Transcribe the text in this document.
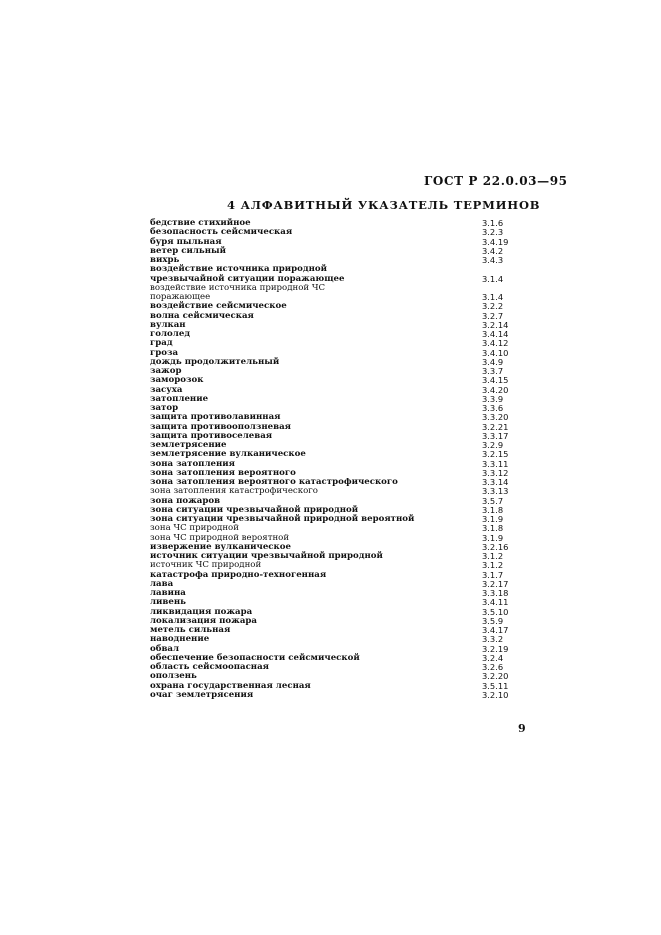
ГОСТ Р 22.0.03—95
4 АЛФАВИТНЫЙ УКАЗАТЕЛЬ ТЕРМИНОВ
бедствие стихийное	3.1.6
безопасность сейсмическая	3.2.3
буря пыльная	3.4.19
ветер сильный	3.4.2
вихрь	3.4.3
воздействие источника природной
чрезвычайной ситуации поражающее	3.1.4
воздействие источника природной ЧС
поражающее	3.1.4
воздействие сейсмическое	3.2.2
волна сейсмическая	3.2.7
вулкан	3.2.14
гололед	3.4.14
град	3.4.12
гроза	3.4.10
дождь продолжительный	3.4.9
зажор	3.3.7
заморозок	3.4.15
засуха	3.4.20
затопление	3.3.9
затор	3.3.6
защита противолавинная	3.3.20
защита противооползневая	3.2.21
защита противоселевая	3.3.17
землетрясение	3.2.9
землетрясение вулканическое	3.2.15
зона затопления	3.3.11
зона затопления вероятного	3.3.12
зона затопления вероятного катастрофического	3.3.14
зона затопления катастрофического	3.3.13
зона пожаров	3.5.7
зона ситуации чрезвычайной природной	3.1.8
зона ситуации чрезвычайной природной вероятной	3.1.9
зона ЧС природной	3.1.8
зона ЧС природной вероятной	3.1.9
извержение вулканическое	3.2.16
источник ситуации чрезвычайной природной	3.1.2
источник ЧС природной	3.1.2
катастрофа природно-техногенная	3.1.7
лава	3.2.17
лавина	3.3.18
ливень	3.4.11
ликвидация пожара	3.5.10
локализация пожара	3.5.9
метель сильная	3.4.17
наводнение	3.3.2
обвал	3.2.19
обеспечение безопасности сейсмической	3.2.4
область сейсмоопасная	3.2.6
оползень	3.2.20
охрана государственная лесная	3.5.11
очаг землетрясения	3.2.10
9
